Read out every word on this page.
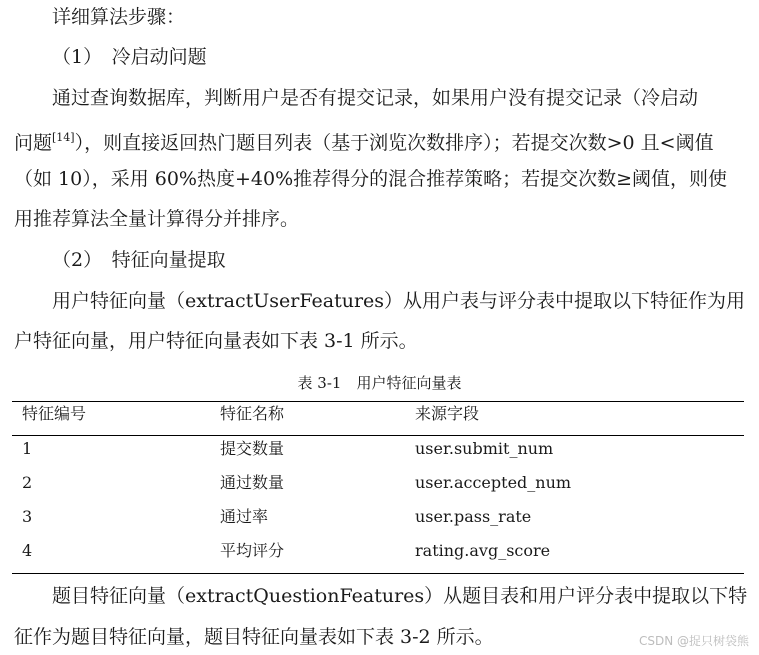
详细算法步骤：
（1）　冷启动问题
通过查询数据库，判断用户是否有提交记录，如果用户没有提交记录（冷启动
问题[14]），则直接返回热门题目列表（基于浏览次数排序）；若提交次数>0 且<阈值
（如 10），采用 60%热度+40%推荐得分的混合推荐策略；若提交次数≥阈值，则使
用推荐算法全量计算得分并排序。
（2）　特征向量提取
用户特征向量（extractUserFeatures）从用户表与评分表中提取以下特征作为用
户特征向量，用户特征向量表如下表 3-1 所示。
表 3-1　用户特征向量表
特征编号	特征名称	来源字段
1	提交数量	user.submit_num
2	通过数量	user.accepted_num
3	通过率	user.pass_rate
4	平均评分	rating.avg_score
题目特征向量（extractQuestionFeatures）从题目表和用户评分表中提取以下特
征作为题目特征向量，题目特征向量表如下表 3-2 所示。	CSDN @捉只树袋熊
